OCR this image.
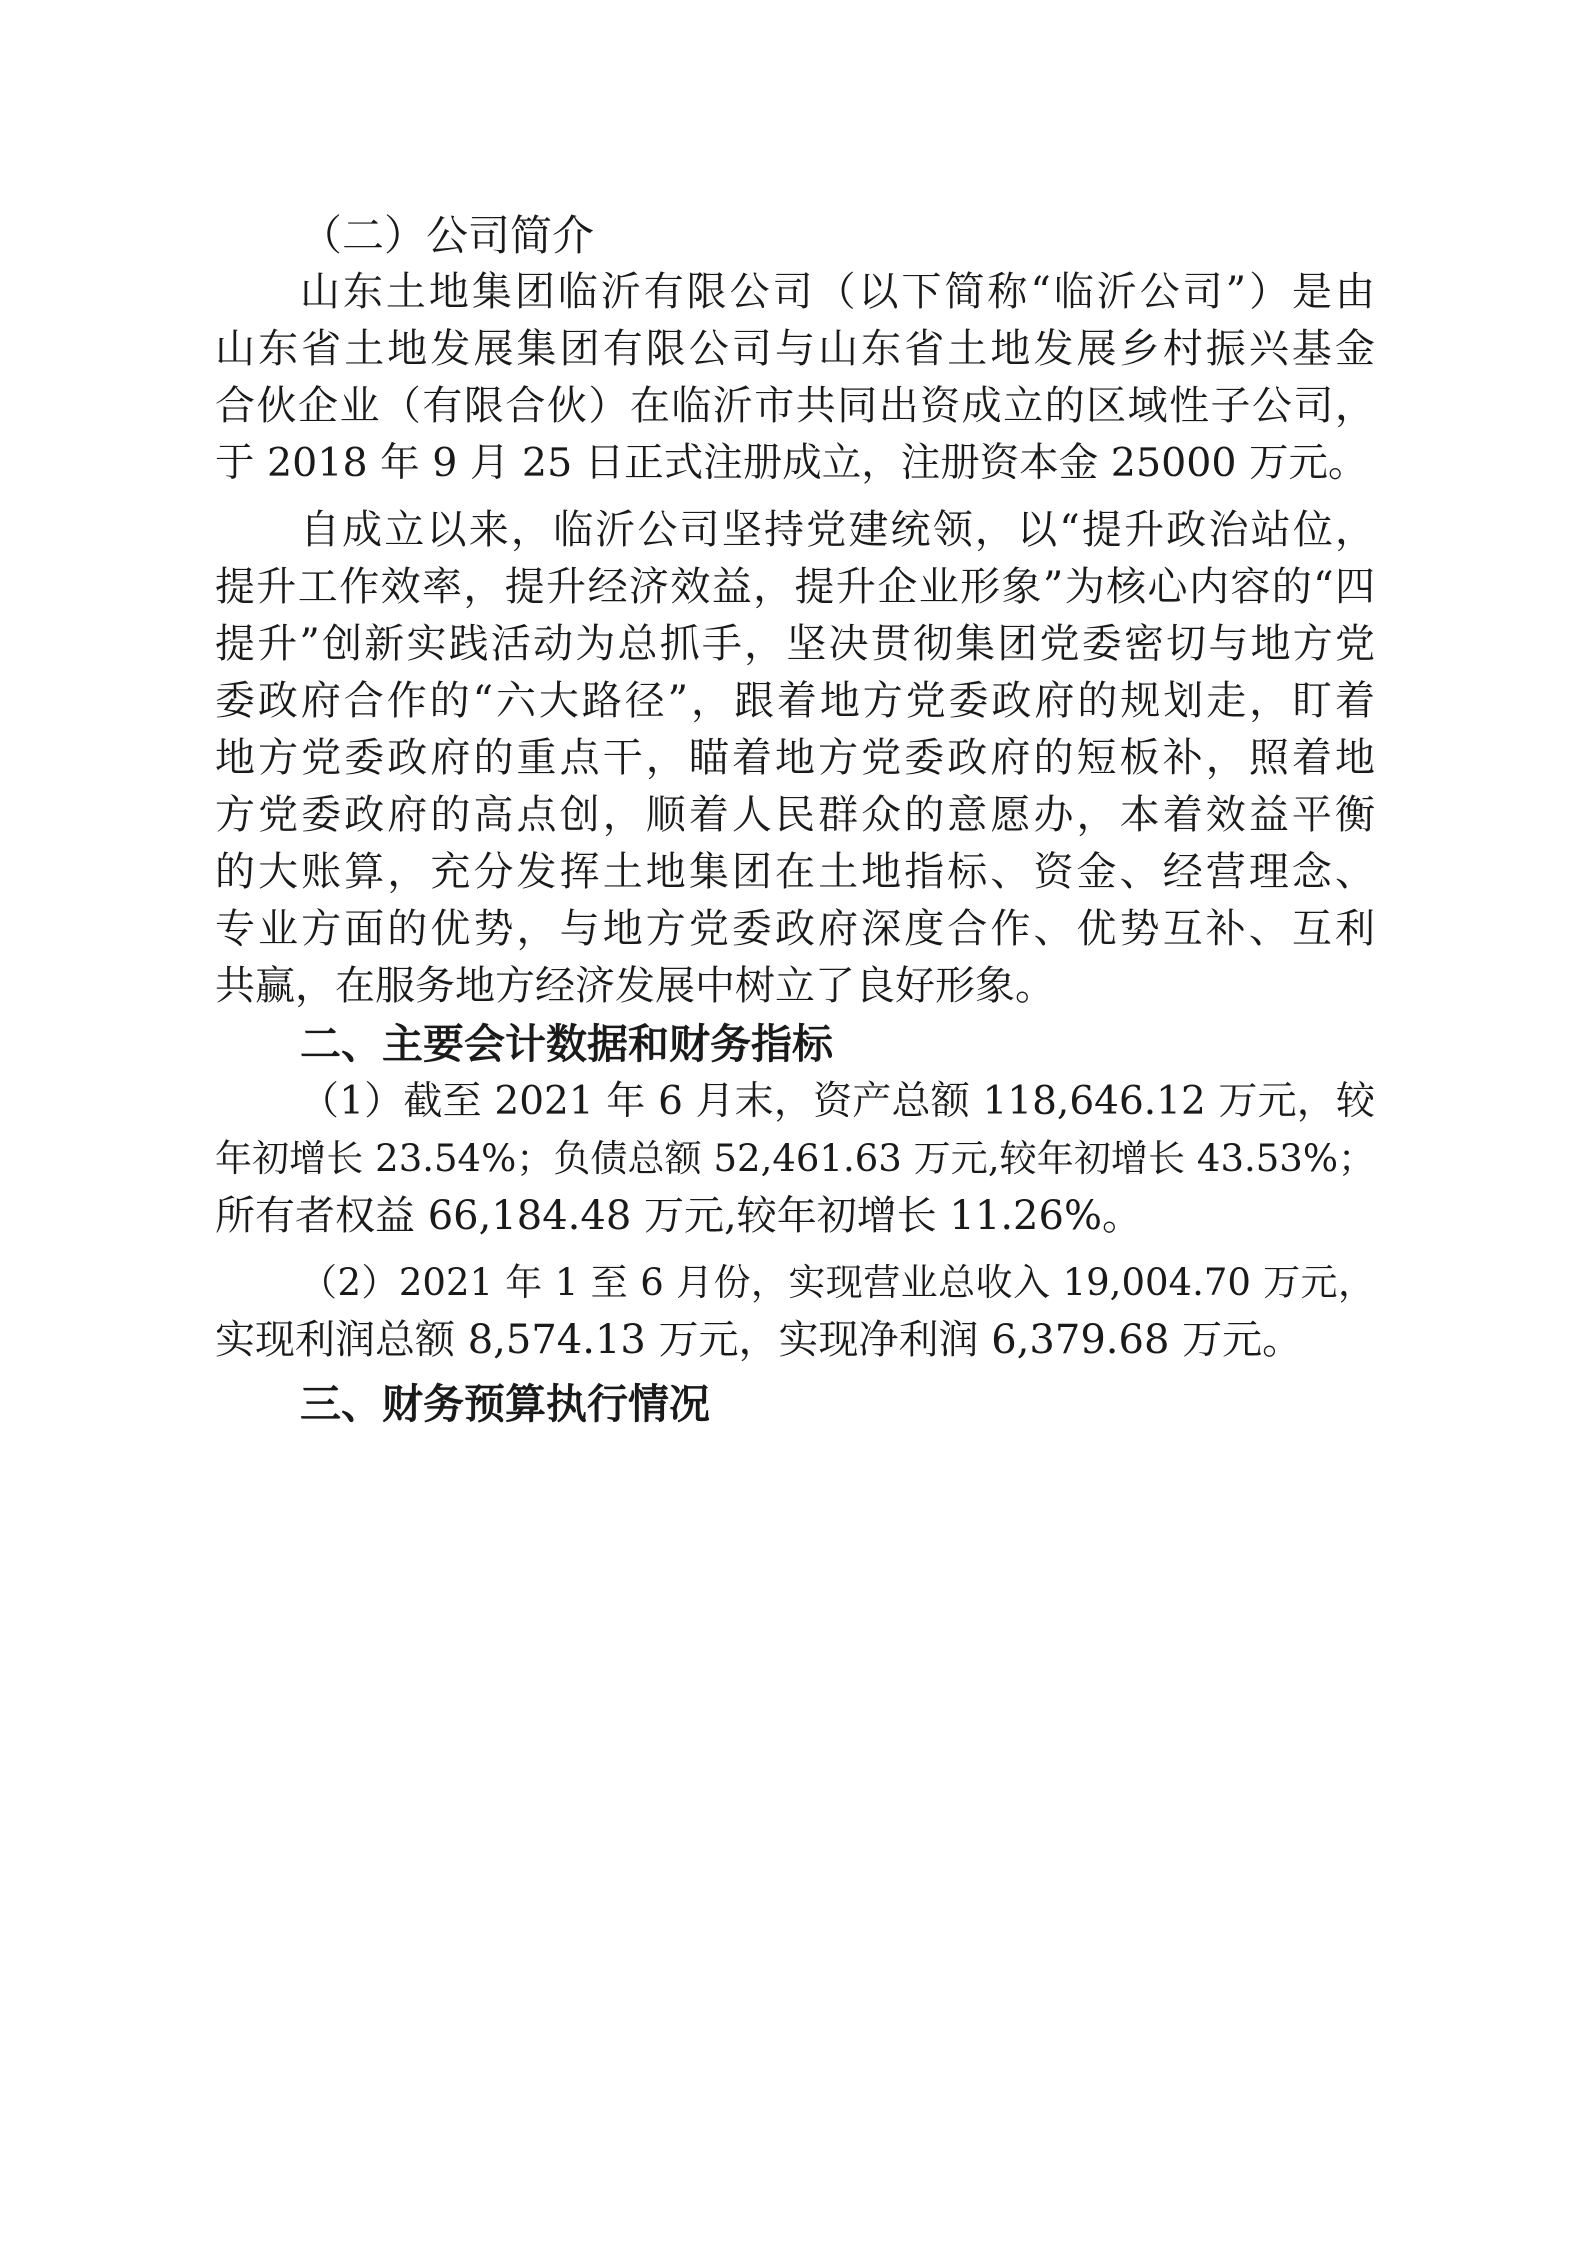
（二）公司简介
山东土地集团临沂有限公司（以下简称“临沂公司”）是由
山东省土地发展集团有限公司与山东省土地发展乡村振兴基金
合伙企业（有限合伙）在临沂市共同出资成立的区域性子公司，
于 2018 年 9 月 25 日正式注册成立，注册资本金 25000 万元。
自成立以来，临沂公司坚持党建统领，以“提升政治站位，
提升工作效率，提升经济效益，提升企业形象”为核心内容的“四
提升”创新实践活动为总抓手，坚决贯彻集团党委密切与地方党
委政府合作的“六大路径”，跟着地方党委政府的规划走，盯着
地方党委政府的重点干，瞄着地方党委政府的短板补，照着地
方党委政府的高点创，顺着人民群众的意愿办，本着效益平衡
的大账算，充分发挥土地集团在土地指标、资金、经营理念、
专业方面的优势，与地方党委政府深度合作、优势互补、互利
共赢，在服务地方经济发展中树立了良好形象。
二、主要会计数据和财务指标
（1）截至 2021 年 6 月末，资产总额 118,646.12 万元，较
年初增长 23.54%；负债总额 52,461.63 万元,较年初增长 43.53%；
所有者权益 66,184.48 万元,较年初增长 11.26%。
（2）2021 年 1 至 6 月份，实现营业总收入 19,004.70 万元，
实现利润总额 8,574.13 万元，实现净利润 6,379.68 万元。
三、财务预算执行情况
